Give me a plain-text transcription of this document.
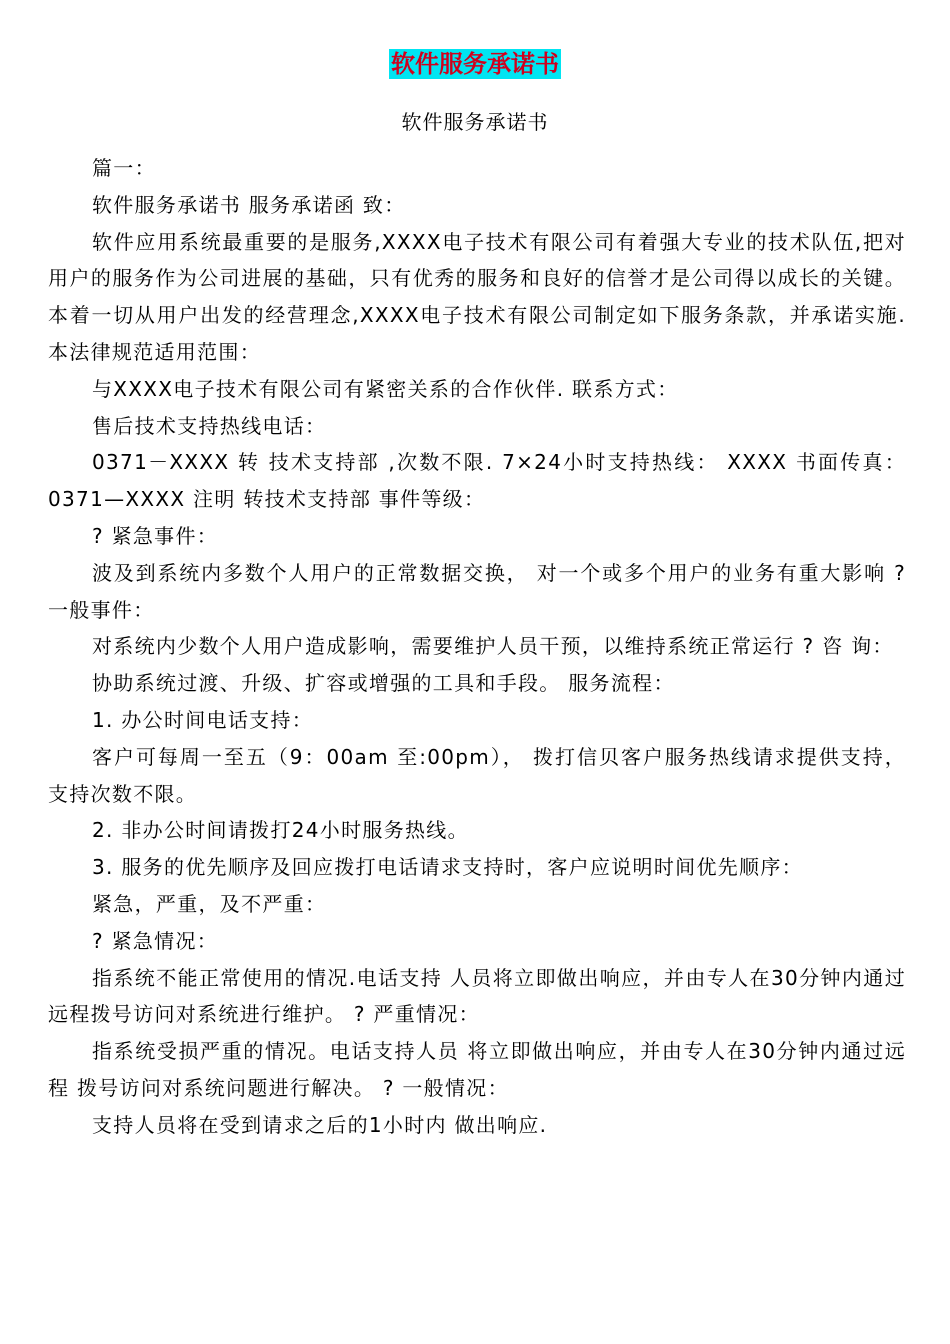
软件服务承诺书
软件服务承诺书

篇一：

软件服务承诺书 服务承诺函 致：

软件应用系统最重要的是服务,XXXX电子技术有限公司有着强大专业的技术队伍,把对用户的服务作为公司进展的基础，只有优秀的服务和良好的信誉才是公司得以成长的关键。 本着一切从用户出发的经营理念,XXXX电子技术有限公司制定如下服务条款，并承诺实施. 本法律规范适用范围：

与XXXX电子技术有限公司有紧密关系的合作伙伴. 联系方式：

售后技术支持热线电话：

0371－XXXX 转 技术支持部 ,次数不限. 7×24小时支持热线： XXXX 书面传真：0371—XXXX 注明 转技术支持部 事件等级：

? 紧急事件：

波及到系统内多数个人用户的正常数据交换， 对一个或多个用户的业务有重大影响 ? 一般事件：

对系统内少数个人用户造成影响，需要维护人员干预，以维持系统正常运行 ? 咨 询：

协助系统过渡、升级、扩容或增强的工具和手段。 服务流程：

1. 办公时间电话支持：

客户可每周一至五（9：00am 至:00pm）， 拨打信贝客户服务热线请求提供支持， 支持次数不限。

2. 非办公时间请拨打24小时服务热线。

3. 服务的优先顺序及回应拨打电话请求支持时，客户应说明时间优先顺序：

紧急，严重，及不严重：

? 紧急情况：

指系统不能正常使用的情况.电话支持 人员将立即做出响应，并由专人在30分钟内通过 远程拨号访问对系统进行维护。 ? 严重情况：

指系统受损严重的情况。电话支持人员 将立即做出响应，并由专人在30分钟内通过远程 拨号访问对系统问题进行解决。 ? 一般情况：

支持人员将在受到请求之后的1小时内 做出响应.
